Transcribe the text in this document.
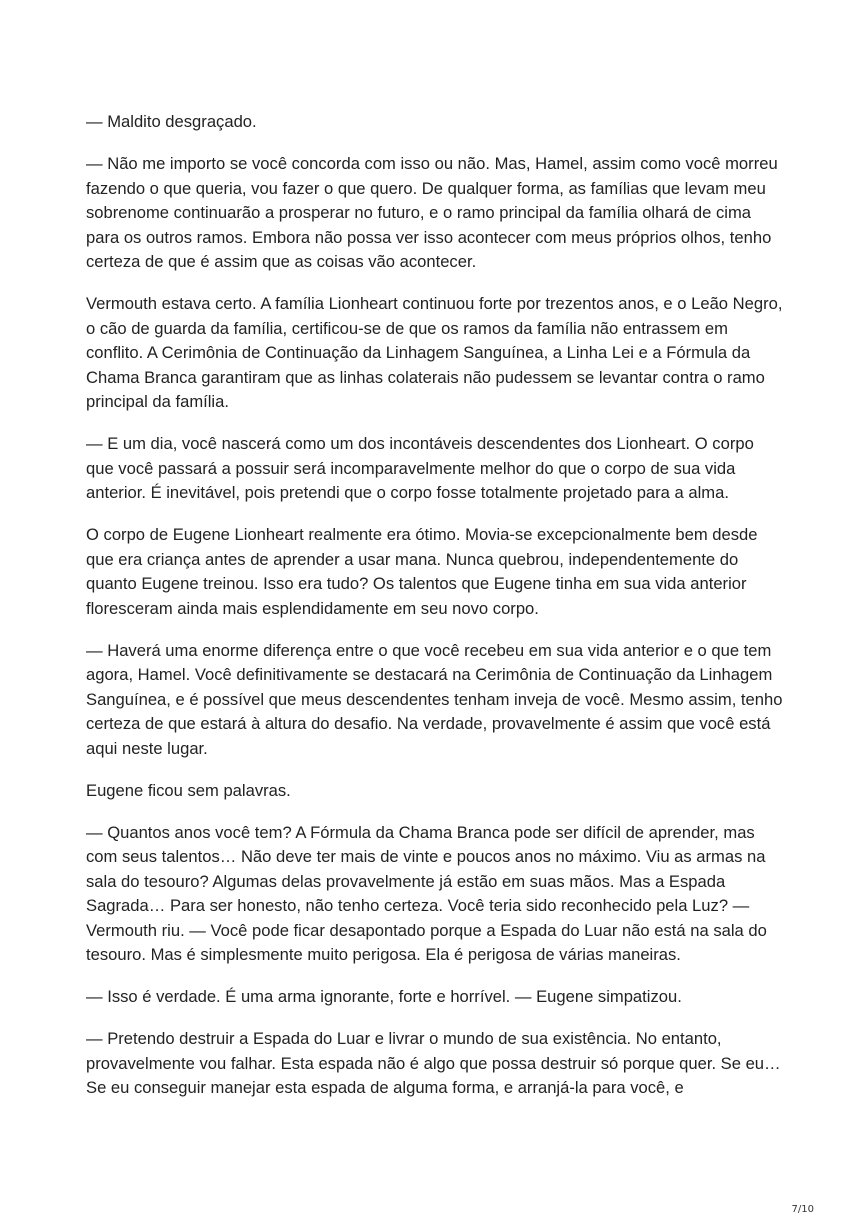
— Maldito desgraçado.

— Não me importo se você concorda com isso ou não. Mas, Hamel, assim como você morreu fazendo o que queria, vou fazer o que quero. De qualquer forma, as famílias que levam meu sobrenome continuarão a prosperar no futuro, e o ramo principal da família olhará de cima para os outros ramos. Embora não possa ver isso acontecer com meus próprios olhos, tenho certeza de que é assim que as coisas vão acontecer.

Vermouth estava certo. A família Lionheart continuou forte por trezentos anos, e o Leão Negro, o cão de guarda da família, certificou-se de que os ramos da família não entrassem em conflito. A Cerimônia de Continuação da Linhagem Sanguínea, a Linha Lei e a Fórmula da Chama Branca garantiram que as linhas colaterais não pudessem se levantar contra o ramo principal da família.

— E um dia, você nascerá como um dos incontáveis descendentes dos Lionheart. O corpo que você passará a possuir será incomparavelmente melhor do que o corpo de sua vida anterior. É inevitável, pois pretendi que o corpo fosse totalmente projetado para a alma.

O corpo de Eugene Lionheart realmente era ótimo. Movia-se excepcionalmente bem desde que era criança antes de aprender a usar mana. Nunca quebrou, independentemente do quanto Eugene treinou. Isso era tudo? Os talentos que Eugene tinha em sua vida anterior floresceram ainda mais esplendidamente em seu novo corpo.

— Haverá uma enorme diferença entre o que você recebeu em sua vida anterior e o que tem agora, Hamel. Você definitivamente se destacará na Cerimônia de Continuação da Linhagem Sanguínea, e é possível que meus descendentes tenham inveja de você. Mesmo assim, tenho certeza de que estará à altura do desafio. Na verdade, provavelmente é assim que você está aqui neste lugar.

Eugene ficou sem palavras.

— Quantos anos você tem? A Fórmula da Chama Branca pode ser difícil de aprender, mas com seus talentos… Não deve ter mais de vinte e poucos anos no máximo. Viu as armas na sala do tesouro? Algumas delas provavelmente já estão em suas mãos. Mas a Espada Sagrada… Para ser honesto, não tenho certeza. Você teria sido reconhecido pela Luz? — Vermouth riu. — Você pode ficar desapontado porque a Espada do Luar não está na sala do tesouro. Mas é simplesmente muito perigosa. Ela é perigosa de várias maneiras.

— Isso é verdade. É uma arma ignorante, forte e horrível. — Eugene simpatizou.

— Pretendo destruir a Espada do Luar e livrar o mundo de sua existência. No entanto, provavelmente vou falhar. Esta espada não é algo que possa destruir só porque quer. Se eu… Se eu conseguir manejar esta espada de alguma forma, e arranjá-la para você, e

7/10
